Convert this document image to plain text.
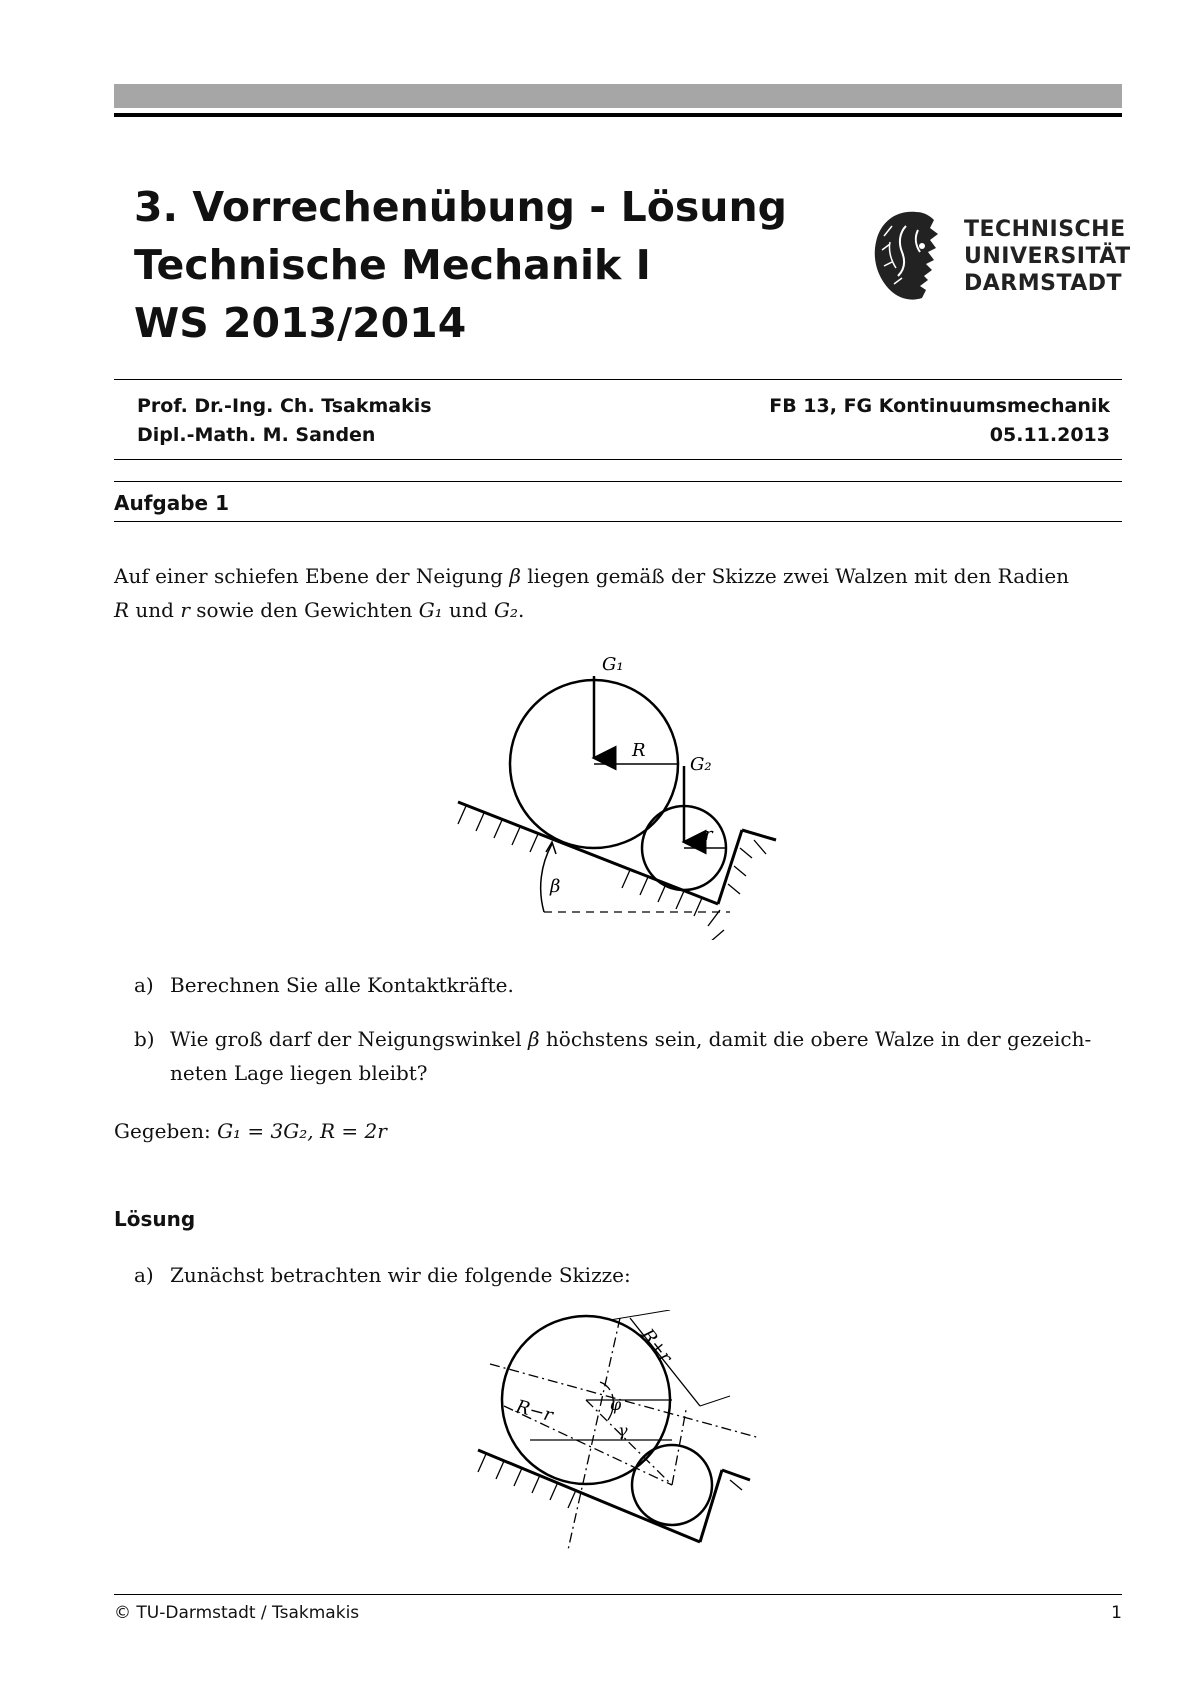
3. Vorrechenübung - Lösung
Technische Mechanik I
WS 2013/2014
TECHNISCHE
UNIVERSITÄT
DARMSTADT
Prof. Dr.-Ing. Ch. Tsakmakis
Dipl.-Math. M. Sanden
FB 13, FG Kontinuumsmechanik
05.11.2013
Aufgabe 1
Auf einer schiefen Ebene der Neigung β liegen gemäß der Skizze zwei Walzen mit den Radien
R und r sowie den Gewichten G₁ und G₂.
G₁
R
G₂
r
β
a) Berechnen Sie alle Kontaktkräfte.
b) Wie groß darf der Neigungswinkel β höchstens sein, damit die obere Walze in der gezeich-
neten Lage liegen bleibt?
Gegeben: G₁ = 3G₂, R = 2r
Lösung
a) Zunächst betrachten wir die folgende Skizze:
R+r
R−r	φ
γ
© TU-Darmstadt / Tsakmakis	1
